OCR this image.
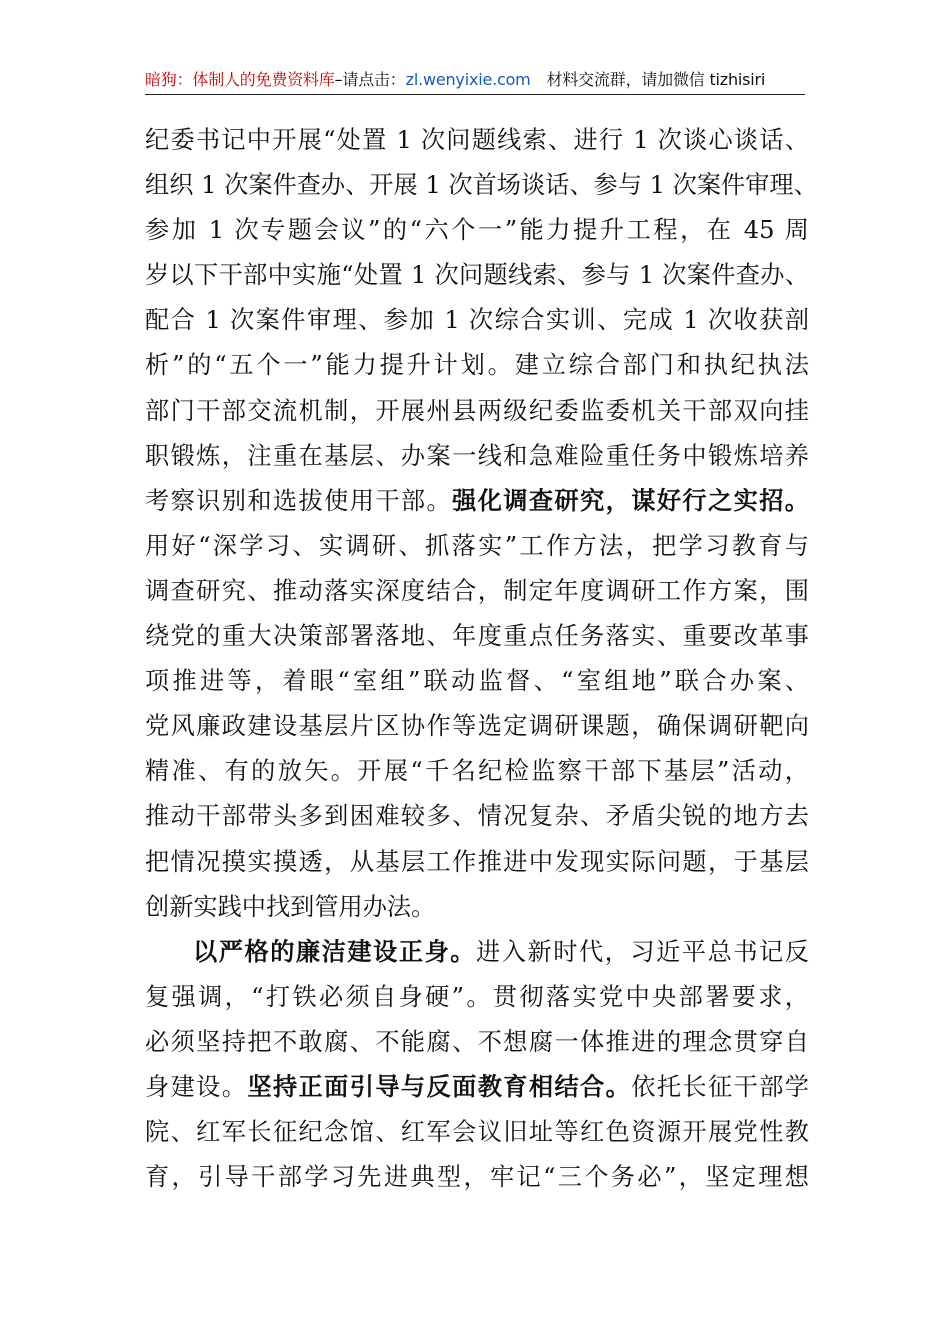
暗狗：体制人的免费资料库–请点击：zl.wenyixie.com 材料交流群，请加微信 tizhisiri
纪委书记中开展“处置 1 次问题线索、进行 1 次谈心谈话、
组织 1 次案件查办、开展 1 次首场谈话、参与 1 次案件审理、
参加 1 次专题会议”的“六个一”能力提升工程，在 45 周
岁以下干部中实施“处置 1 次问题线索、参与 1 次案件查办、
配合 1 次案件审理、参加 1 次综合实训、完成 1 次收获剖
析”的“五个一”能力提升计划。建立综合部门和执纪执法
部门干部交流机制，开展州县两级纪委监委机关干部双向挂
职锻炼，注重在基层、办案一线和急难险重任务中锻炼培养
考察识别和选拔使用干部。强化调查研究，谋好行之实招。
用好“深学习、实调研、抓落实”工作方法，把学习教育与
调查研究、推动落实深度结合，制定年度调研工作方案，围
绕党的重大决策部署落地、年度重点任务落实、重要改革事
项推进等，着眼“室组”联动监督、“室组地”联合办案、
党风廉政建设基层片区协作等选定调研课题，确保调研靶向
精准、有的放矢。开展“千名纪检监察干部下基层”活动，
推动干部带头多到困难较多、情况复杂、矛盾尖锐的地方去
把情况摸实摸透，从基层工作推进中发现实际问题，于基层
创新实践中找到管用办法。
以严格的廉洁建设正身。进入新时代，习近平总书记反
复强调，“打铁必须自身硬”。贯彻落实党中央部署要求，
必须坚持把不敢腐、不能腐、不想腐一体推进的理念贯穿自
身建设。坚持正面引导与反面教育相结合。依托长征干部学
院、红军长征纪念馆、红军会议旧址等红色资源开展党性教
育，引导干部学习先进典型，牢记“三个务必”，坚定理想
